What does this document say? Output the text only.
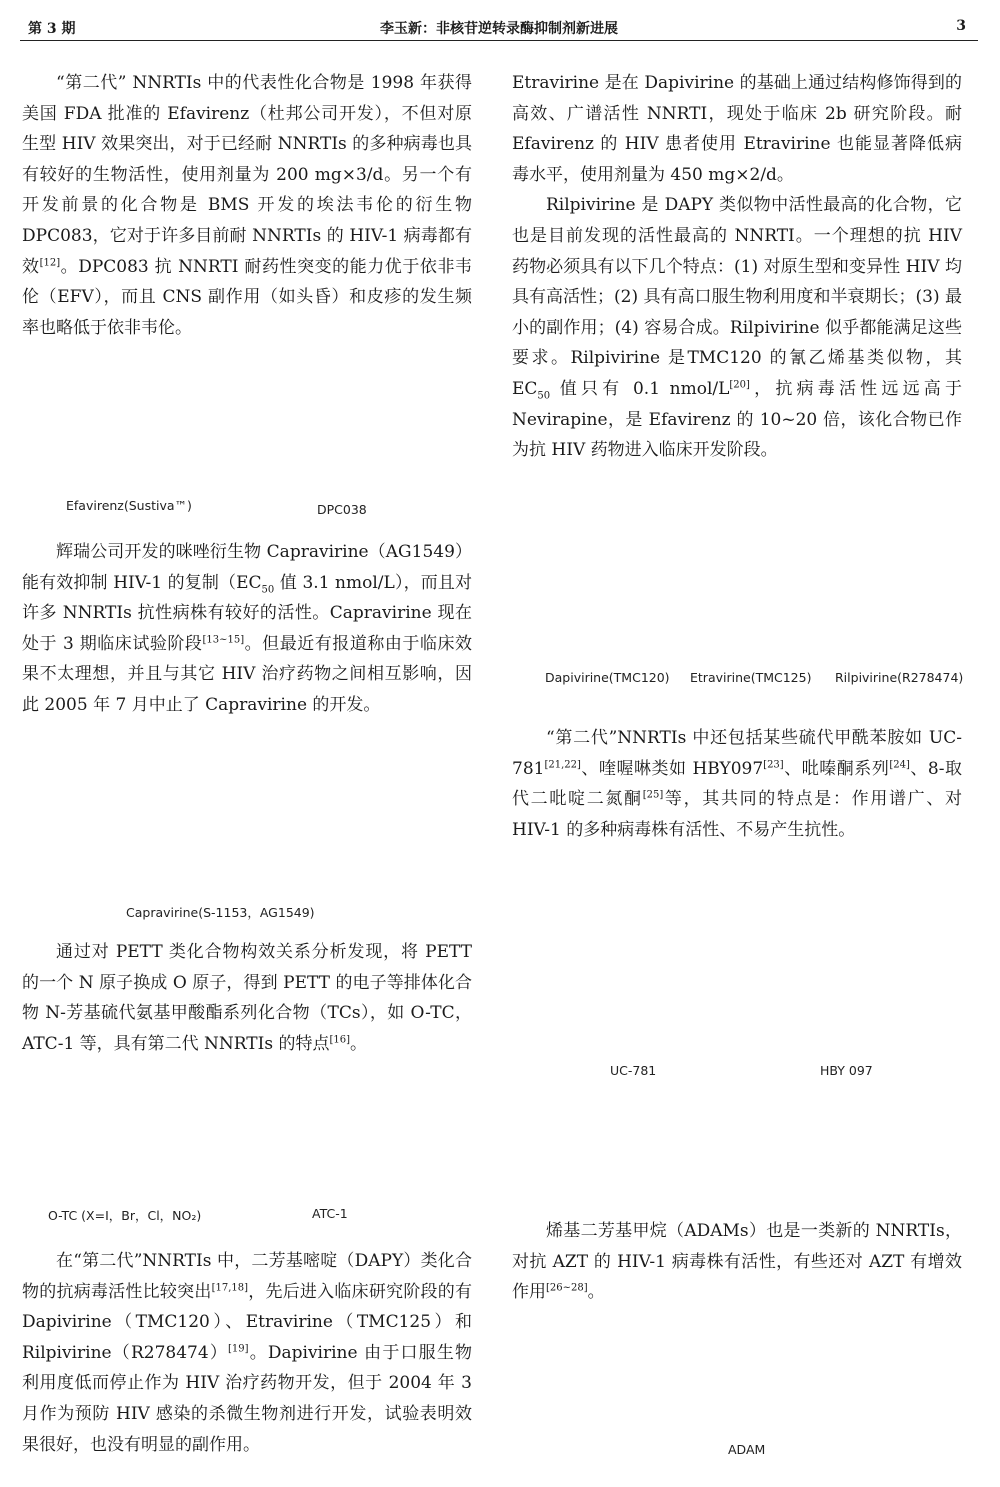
第 3 期	李玉新：非核苷逆转录酶抑制剂新进展	3

“第二代” NNRTIs 中的代表性化合物是 1998 年获得美国 FDA 批准的 Efavirenz（杜邦公司开发），不但对原生型 HIV 效果突出，对于已经耐 NNRTIs 的多种病毒也具有较好的生物活性，使用剂量为 200 mg×3/d。另一个有开发前景的化合物是 BMS 开发的埃法韦伦的衍生物 DPC083，它对于许多目前耐 NNRTIs 的 HIV-1 病毒都有效[12]。DPC083 抗 NNRTI 耐药性突变的能力优于依非韦伦（EFV），而且 CNS 副作用（如头昏）和皮疹的发生频率也略低于依非韦伦。

Efavirenz(Sustiva™)	DPC038

辉瑞公司开发的咪唑衍生物 Capravirine（AG1549）能有效抑制 HIV-1 的复制（$EC_{50}$ 值 3.1 nmol/L），而且对许多 NNRTIs 抗性病株有较好的活性。Capravirine 现在处于 3 期临床试验阶段[13~15]。但最近有报道称由于临床效果不太理想，并且与其它 HIV 治疗药物之间相互影响，因此 2005 年 7 月中止了 Capravirine 的开发。

Capravirine(S-1153，AG1549)

通过对 PETT 类化合物构效关系分析发现，将 PETT 的一个 N 原子换成 O 原子，得到 PETT 的电子等排体化合物 N-芳基硫代氨基甲酸酯系列化合物（TCs），如 O-TC，ATC-1 等，具有第二代 NNRTIs 的特点[16]。

O-TC (X=I，Br，Cl，NO₂)	ATC-1

在“第二代”NNRTIs 中，二芳基嘧啶（DAPY）类化合物的抗病毒活性比较突出[17,18]，先后进入临床研究阶段的有 Dapivirine（TMC120）、Etravirine（TMC125）和 Rilpivirine（R278474）[19]。Dapivirine 由于口服生物利用度低而停止作为 HIV 治疗药物开发，但于 2004 年 3 月作为预防 HIV 感染的杀微生物剂进行开发，试验表明效果很好，也没有明显的副作用。

Etravirine 是在 Dapivirine 的基础上通过结构修饰得到的高效、广谱活性 NNRTI，现处于临床 2b 研究阶段。耐 Efavirenz 的 HIV 患者使用 Etravirine 也能显著降低病毒水平，使用剂量为 450 mg×2/d。

Rilpivirine 是 DAPY 类似物中活性最高的化合物，它也是目前发现的活性最高的 NNRTI。一个理想的抗 HIV 药物必须具有以下几个特点：(1) 对原生型和变异性 HIV 均具有高活性；(2) 具有高口服生物利用度和半衰期长；(3) 最小的副作用；(4) 容易合成。Rilpivirine 似乎都能满足这些要求。Rilpivirine 是TMC120 的氰乙烯基类似物，其 $EC_{50}$ 值只有 0.1 nmol/L[20]，抗病毒活性远远高于 Nevirapine，是 Efavirenz 的 10~20 倍，该化合物已作为抗 HIV 药物进入临床开发阶段。

Dapivirine(TMC120) Etravirine(TMC125) Rilpivirine(R278474)

“第二代”NNRTIs 中还包括某些硫代甲酰苯胺如 UC-781[21,22]、喹喔啉类如 HBY097[23]、吡嗪酮系列[24]、8-取代二吡啶二氮酮[25]等，其共同的特点是：作用谱广、对 HIV-1 的多种病毒株有活性、不易产生抗性。

UC-781	HBY 097

烯基二芳基甲烷（ADAMs）也是一类新的 NNRTIs，对抗 AZT 的 HIV-1 病毒株有活性，有些还对 AZT 有增效作用[26~28]。

ADAM
